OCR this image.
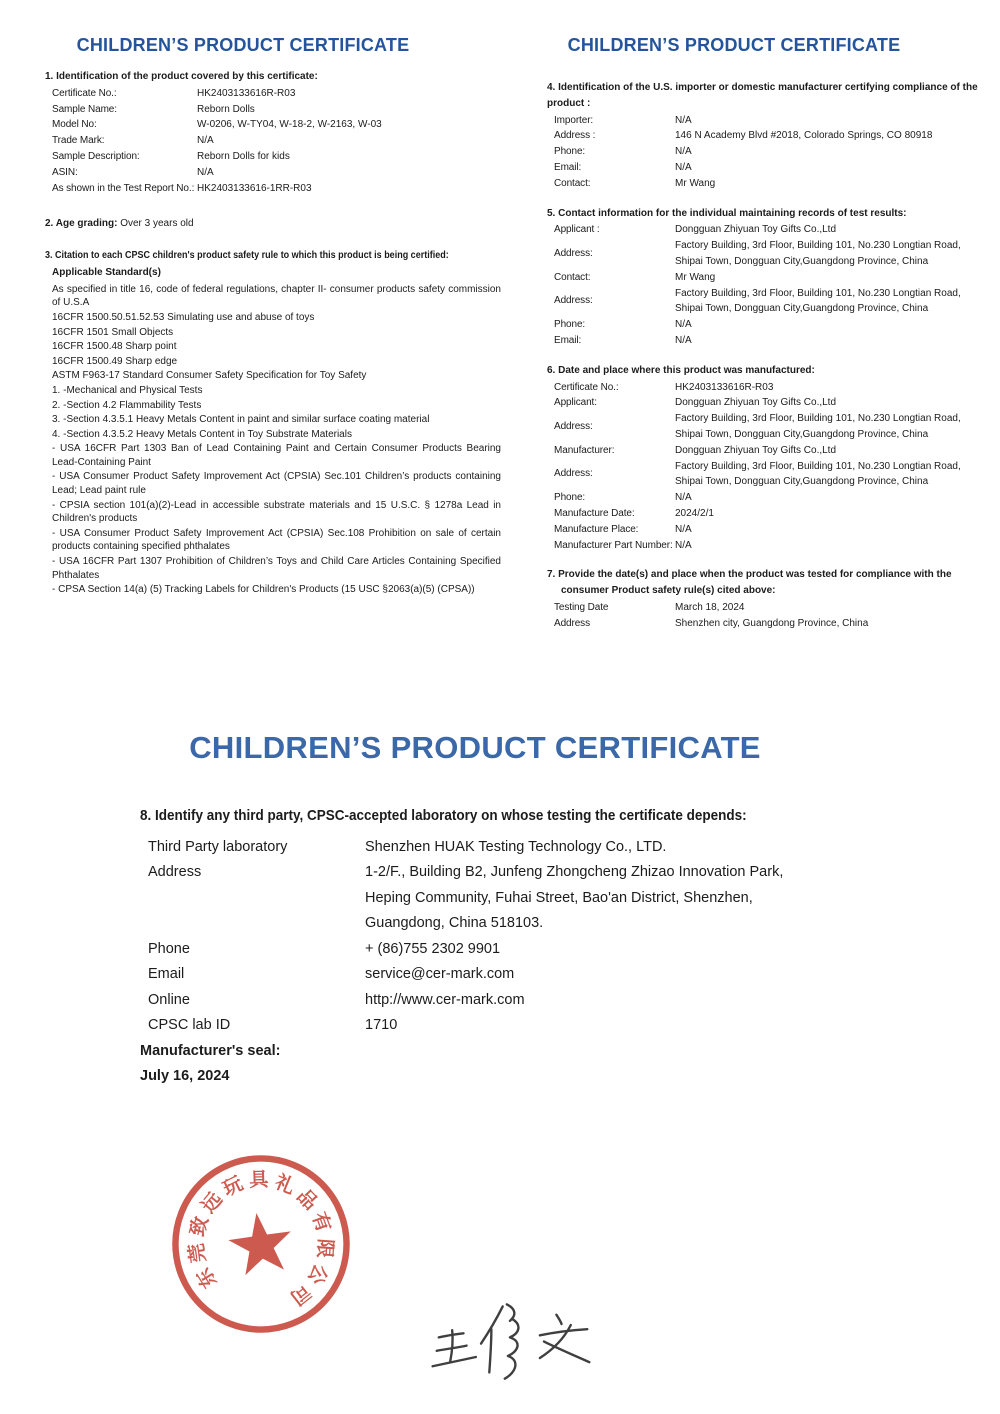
CHILDREN’S PRODUCT CERTIFICATE
1. Identification of the product covered by this certificate:
Certificate No.:	HK2403133616R-R03
Sample Name:	Reborn Dolls
Model No:	W-0206, W-TY04, W-18-2, W-2163, W-03
Trade Mark:	N/A
Sample Description:	Reborn Dolls for kids
ASIN:	N/A
As shown in the Test Report No.: HK2403133616-1RR-R03
2. Age grading: Over 3 years old
3. Citation to each CPSC children's product safety rule to which this product is being certified:
Applicable Standard(s)
As specified in title 16, code of federal regulations, chapter II- consumer products safety commission of U.S.A
16CFR 1500.50.51.52.53 Simulating use and abuse of toys
16CFR 1501 Small Objects
16CFR 1500.48 Sharp point
16CFR 1500.49 Sharp edge
ASTM F963-17 Standard Consumer Safety Specification for Toy Safety
1. -Mechanical and Physical Tests
2. -Section 4.2 Flammability Tests
3. -Section 4.3.5.1 Heavy Metals Content in paint and similar surface coating material
4. -Section 4.3.5.2 Heavy Metals Content in Toy Substrate Materials
- USA 16CFR Part 1303 Ban of Lead Containing Paint and Certain Consumer Products Bearing Lead-Containing Paint
- USA Consumer Product Safety Improvement Act (CPSIA) Sec.101 Children’s products containing Lead; Lead paint rule
- CPSIA section 101(a)(2)-Lead in accessible substrate materials and 15 U.S.C. § 1278a Lead in Children's products
- USA Consumer Product Safety Improvement Act (CPSIA) Sec.108 Prohibition on sale of certain products containing specified phthalates
- USA 16CFR Part 1307 Prohibition of Children’s Toys and Child Care Articles Containing Specified Phthalates
- CPSA Section 14(a) (5) Tracking Labels for Children's Products (15 USC §2063(a)(5) (CPSA))
CHILDREN’S PRODUCT CERTIFICATE
4. Identification of the U.S. importer or domestic manufacturer certifying compliance of the product :
Importer:	N/A
Address :	146 N Academy Blvd #2018, Colorado Springs, CO 80918
Phone:	N/A
Email:	N/A
Contact:	Mr Wang
5. Contact information for the individual maintaining records of test results:
Applicant :	Dongguan Zhiyuan Toy Gifts Co.,Ltd
Address:
Factory Building, 3rd Floor, Building 101, No.230 Longtian Road,
Shipai Town, Dongguan City,Guangdong Province, China
Contact:	Mr Wang
Address:
Factory Building, 3rd Floor, Building 101, No.230 Longtian Road,
Shipai Town, Dongguan City,Guangdong Province, China
Phone:	N/A
Email:	N/A
6. Date and place where this product was manufactured:
Certificate No.:	HK2403133616R-R03
Applicant:	Dongguan Zhiyuan Toy Gifts Co.,Ltd
Address:
Factory Building, 3rd Floor, Building 101, No.230 Longtian Road,
Shipai Town, Dongguan City,Guangdong Province, China
Manufacturer:	Dongguan Zhiyuan Toy Gifts Co.,Ltd
Address:
Factory Building, 3rd Floor, Building 101, No.230 Longtian Road,
Shipai Town, Dongguan City,Guangdong Province, China
Phone:	N/A
Manufacture Date:	2024/2/1
Manufacture Place:	N/A
Manufacturer Part Number: N/A
7. Provide the date(s) and place when the product was tested for compliance with the consumer Product safety rule(s) cited above:
Testing Date	March 18, 2024
Address	Shenzhen city, Guangdong Province, China
CHILDREN’S PRODUCT CERTIFICATE
8. Identify any third party, CPSC-accepted laboratory on whose testing the certificate depends:
Third Party laboratory	Shenzhen HUAK Testing Technology Co., LTD.
Address	1-2/F., Building B2, Junfeng Zhongcheng Zhizao Innovation Park,
Heping Community, Fuhai Street, Bao'an District, Shenzhen,
Guangdong, China 518103.
Phone	+ (86)755 2302 9901
Email	service@cer-mark.com
Online	http://www.cer-mark.com
CPSC lab ID	1710
Manufacturer's seal:
July 16, 2024
东
莞
致
远
玩 具 礼
品
有
限
公
司
